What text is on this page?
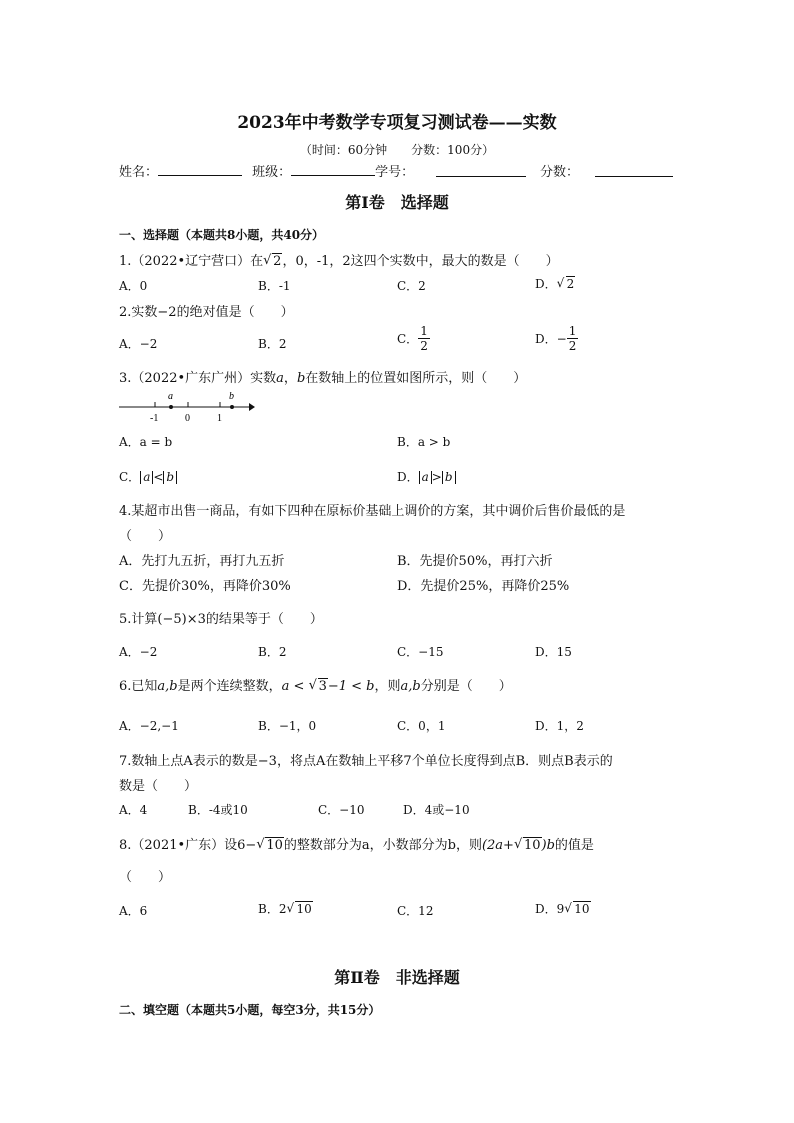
2023年中考数学专项复习测试卷——实数
（时间：60分钟　　分数：100分）
姓名：	班级：	学号：	分数：
第Ⅰ卷　选择题
一、选择题（本题共8小题，共40分）
1.（2022•辽宁营口）在 √ 2，0，-1，2这四个实数中，最大的数是（　　）
A．0	B．-1	C．2	D． √ 2
2.实数−2的绝对值是（　　）
A．−2	B．2	C． $\frac{1}{2}$	D．− $\frac{1}{2}$
3.（2022•广东广州）实数a，b在数轴上的位置如图所示，则（　　）
a	b
-1	0	1
A．a = b	B．a > b
C． a < b	D． a > b
4.某超市出售一商品，有如下四种在原标价基础上调价的方案，其中调价后售价最低的是
（　　）
A．先打九五折，再打九五折	B．先提价50%，再打六折
C．先提价30%，再降价30%	D．先提价25%，再降价25%
5.计算(−5)×3的结果等于（　　）
A．−2	B．2	C．−15	D．15
6.已知a,b是两个连续整数，a < √ 3−1 < b，则a,b分别是（　　）
A．−2,−1	B．−1，0	C．0，1	D．1，2
7.数轴上点A表示的数是−3，将点A在数轴上平移7个单位长度得到点B．则点B表示的
数是（　　）
A．4	B．-4或10	C．−10	D．4或−10
8.（2021•广东）设6− √ 10的整数部分为a，小数部分为b，则(2a+ √ 10)b的值是
（　　）
A．6	B．2 √ 10	C．12	D．9 √ 10
第Ⅱ卷　非选择题
二、填空题（本题共5小题，每空3分，共15分）
